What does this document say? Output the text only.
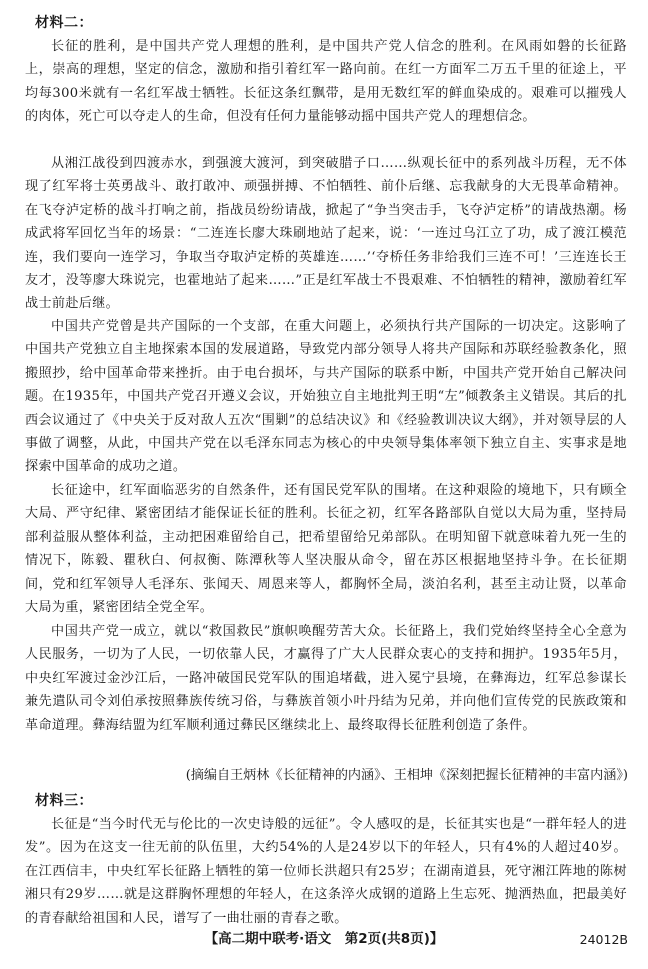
材料二：

长征的胜利，是中国共产党人理想的胜利，是中国共产党人信念的胜利。在风雨如磐的长征路上，崇高的理想，坚定的信念，激励和指引着红军一路向前。在红一方面军二万五千里的征途上，平均每300米就有一名红军战士牺牲。长征这条红飘带，是用无数红军的鲜血染成的。艰难可以摧残人的肉体，死亡可以夺走人的生命，但没有任何力量能够动摇中国共产党人的理想信念。

从湘江战役到四渡赤水，到强渡大渡河，到突破腊子口……纵观长征中的系列战斗历程，无不体现了红军将士英勇战斗、敢打敢冲、顽强拼搏、不怕牺牲、前仆后继、忘我献身的大无畏革命精神。在飞夺泸定桥的战斗打响之前，指战员纷纷请战，掀起了“争当突击手，飞夺泸定桥”的请战热潮。杨成武将军回忆当年的场景：“二连连长廖大珠刷地站了起来，说：‘一连过乌江立了功，成了渡江模范连，我们要向一连学习，争取当夺取泸定桥的英雄连……’‘夺桥任务非给我们三连不可！’三连连长王友才，没等廖大珠说完，也霍地站了起来……”正是红军战士不畏艰难、不怕牺牲的精神，激励着红军战士前赴后继。

中国共产党曾是共产国际的一个支部，在重大问题上，必须执行共产国际的一切决定。这影响了中国共产党独立自主地探索本国的发展道路，导致党内部分领导人将共产国际和苏联经验教条化，照搬照抄，给中国革命带来挫折。由于电台损坏，与共产国际的联系中断，中国共产党开始自己解决问题。在1935年，中国共产党召开遵义会议，开始独立自主地批判王明“左”倾教条主义错误。其后的扎西会议通过了《中央关于反对敌人五次“围剿”的总结决议》和《经验教训决议大纲》，并对领导层的人事做了调整，从此，中国共产党在以毛泽东同志为核心的中央领导集体率领下独立自主、实事求是地探索中国革命的成功之道。

长征途中，红军面临恶劣的自然条件，还有国民党军队的围堵。在这种艰险的境地下，只有顾全大局、严守纪律、紧密团结才能保证长征的胜利。长征之初，红军各路部队自觉以大局为重，坚持局部利益服从整体利益，主动把困难留给自己，把希望留给兄弟部队。在明知留下就意味着九死一生的情况下，陈毅、瞿秋白、何叔衡、陈潭秋等人坚决服从命令，留在苏区根据地坚持斗争。在长征期间，党和红军领导人毛泽东、张闻天、周恩来等人，都胸怀全局，淡泊名利，甚至主动让贤，以革命大局为重，紧密团结全党全军。

中国共产党一成立，就以“救国救民”旗帜唤醒劳苦大众。长征路上，我们党始终坚持全心全意为人民服务，一切为了人民，一切依靠人民，才赢得了广大人民群众衷心的支持和拥护。1935年5月，中央红军渡过金沙江后，一路冲破国民党军队的围追堵截，进入冕宁县境，在彝海边，红军总参谋长兼先遣队司令刘伯承按照彝族传统习俗，与彝族首领小叶丹结为兄弟，并向他们宣传党的民族政策和革命道理。彝海结盟为红军顺利通过彝民区继续北上、最终取得长征胜利创造了条件。

(摘编自王炳林《长征精神的内涵》、王相坤《深刻把握长征精神的丰富内涵》)
材料三：

长征是“当今时代无与伦比的一次史诗般的远征”。令人感叹的是，长征其实也是“一群年轻人的进发”。因为在这支一往无前的队伍里，大约54%的人是24岁以下的年轻人，只有4%的人超过40岁。在江西信丰，中央红军长征路上牺牲的第一位师长洪超只有25岁；在湖南道县，死守湘江阵地的陈树湘只有29岁……就是这群胸怀理想的年轻人，在这条淬火成钢的道路上生忘死、抛洒热血，把最美好的青春献给祖国和人民，谱写了一曲壮丽的青春之歌。

【高二期中联考·语文　第2页(共8页)】	24012B
